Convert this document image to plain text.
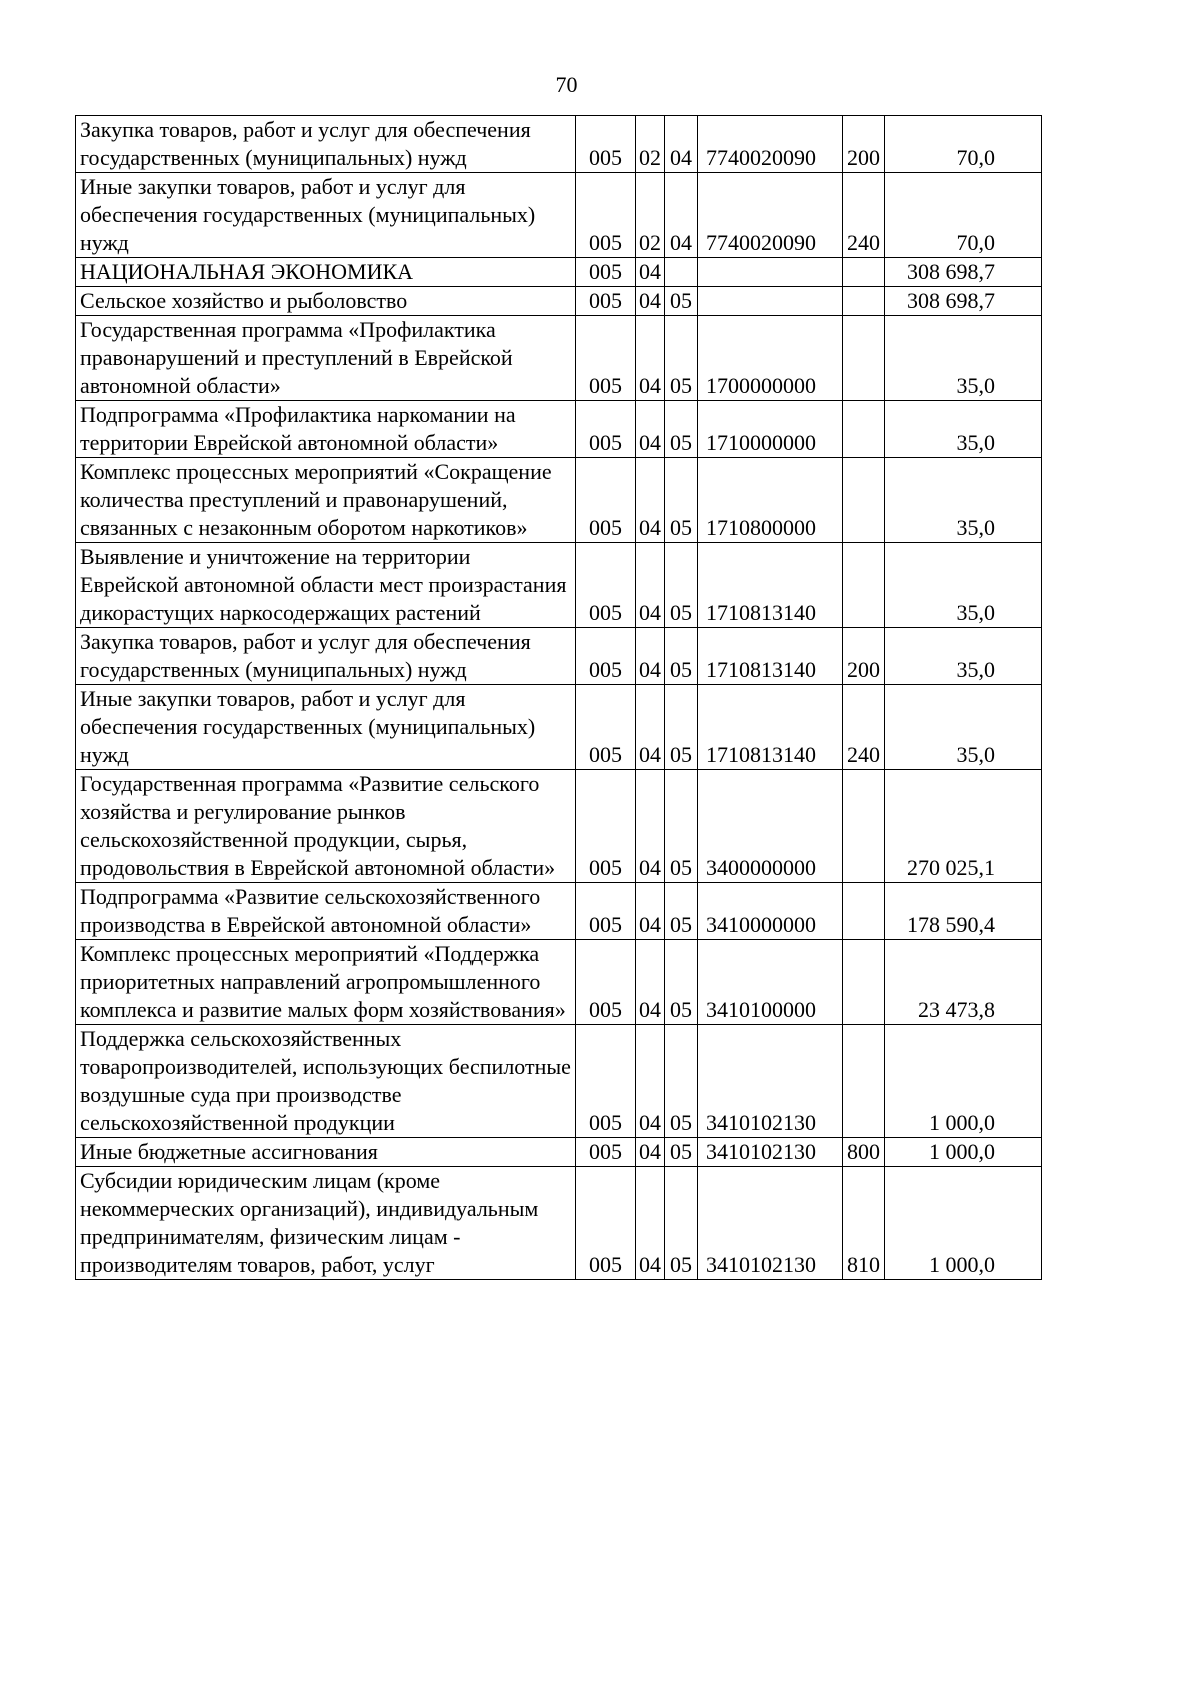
70
Закупка товаров, работ и услуг для обеспечения государственных (муниципальных) нужд	005	02	04	7740020090	200	70,0
Иные закупки товаров, работ и услуг для обеспечения государственных (муниципальных) нужд	005	02	04	7740020090	240	70,0
НАЦИОНАЛЬНАЯ ЭКОНОМИКА	005	04				308 698,7
Сельское хозяйство и рыболовство	005	04	05			308 698,7
Государственная программа «Профилактика правонарушений и преступлений в Еврейской автономной области»	005	04	05	1700000000		35,0
Подпрограмма «Профилактика наркомании на территории Еврейской автономной области»	005	04	05	1710000000		35,0
Комплекс процессных мероприятий «Сокращение количества преступлений и правонарушений, связанных с незаконным оборотом наркотиков»	005	04	05	1710800000		35,0
Выявление и уничтожение на территории Еврейской автономной области мест произрастания дикорастущих наркосодержащих растений	005	04	05	1710813140		35,0
Закупка товаров, работ и услуг для обеспечения государственных (муниципальных) нужд	005	04	05	1710813140	200	35,0
Иные закупки товаров, работ и услуг для обеспечения государственных (муниципальных) нужд	005	04	05	1710813140	240	35,0
Государственная программа «Развитие сельского хозяйства и регулирование рынков сельскохозяйственной продукции, сырья, продовольствия в Еврейской автономной области»	005	04	05	3400000000		270 025,1
Подпрограмма «Развитие сельскохозяйственного производства в Еврейской автономной области»	005	04	05	3410000000		178 590,4
Комплекс процессных мероприятий «Поддержка приоритетных направлений агропромышленного комплекса и развитие малых форм хозяйствования»	005	04	05	3410100000		23 473,8
Поддержка сельскохозяйственных товаропроизводителей, использующих беспилотные воздушные суда при производстве сельскохозяйственной продукции	005	04	05	3410102130		1 000,0
Иные бюджетные ассигнования	005	04	05	3410102130	800	1 000,0
Субсидии юридическим лицам (кроме некоммерческих организаций), индивидуальным предпринимателям, физическим лицам - производителям товаров, работ, услуг	005	04	05	3410102130	810	1 000,0
